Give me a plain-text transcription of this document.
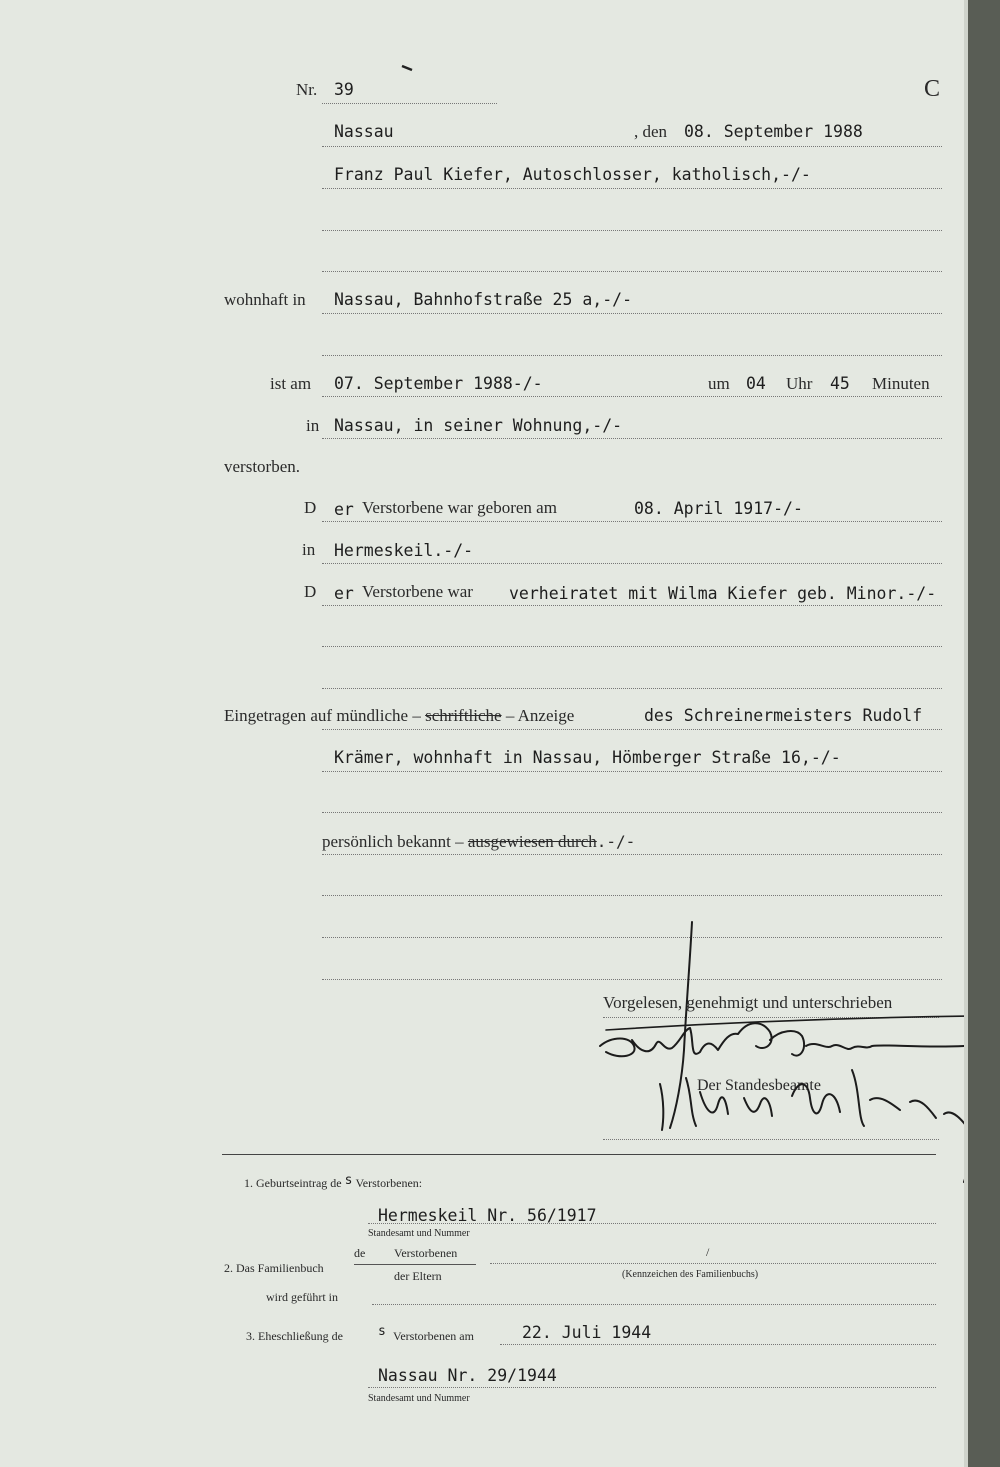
Nr. 39	C
Nassau	, den 08. September 1988
Franz Paul Kiefer, Autoschlosser, katholisch,-/-
wohnhaft in Nassau, Bahnhofstraße 25 a,-/-
ist am 07. September 1988-/-	um 04 Uhr 45 Minuten
in Nassau, in seiner Wohnung,-/-
verstorben.
D er Verstorbene war geboren am	08. April 1917-/-
in Hermeskeil.-/-
D er Verstorbene war verheiratet mit Wilma Kiefer geb. Minor.-/-
Eingetragen auf mündliche – schriftliche – Anzeige	des Schreinermeisters Rudolf
Krämer, wohnhaft in Nassau, Hömberger Straße 16,-/-
persönlich bekannt – ausgewiesen durch.-/-
Vorgelesen, genehmigt und unterschrieben
Der Standesbeamte
1. Geburtseintrag de s Verstorbenen:
Hermeskeil Nr. 56/1917
Standesamt und Nummer
de Verstorbenen
2. Das Familienbuch
der Eltern
/
(Kennzeichen des Familienbuchs)
wird geführt in
3. Eheschließung de	s Verstorbenen am	22. Juli 1944
Nassau Nr. 29/1944
Standesamt und Nummer
